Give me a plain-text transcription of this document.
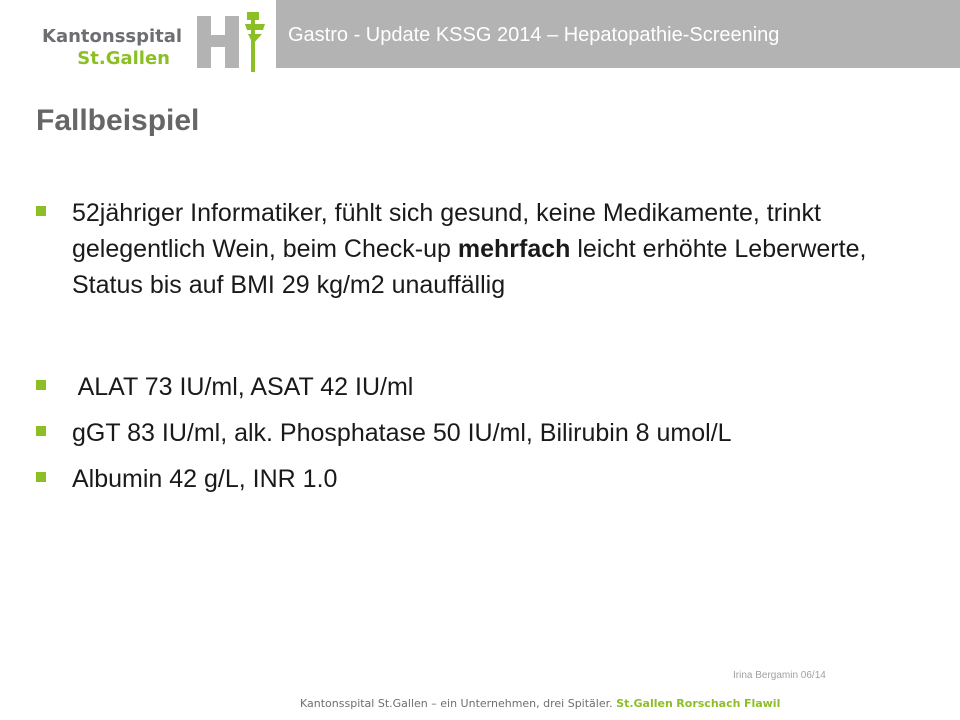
Kantonsspital
St.Gallen
Gastro - Update KSSG 2014 – Hepatopathie-Screening
Fallbeispiel
52jähriger Informatiker, fühlt sich gesund, keine Medikamente, trinkt gelegentlich Wein, beim Check-up mehrfach leicht erhöhte Leberwerte, Status bis auf BMI 29 kg/m2 unauffällig
ALAT 73 IU/ml, ASAT 42 IU/ml
gGT 83 IU/ml, alk. Phosphatase 50 IU/ml, Bilirubin 8 umol/L
Albumin 42 g/L, INR 1.0
Irina Bergamin 06/14
Kantonsspital St.Gallen – ein Unternehmen, drei Spitäler. St.Gallen Rorschach Flawil
